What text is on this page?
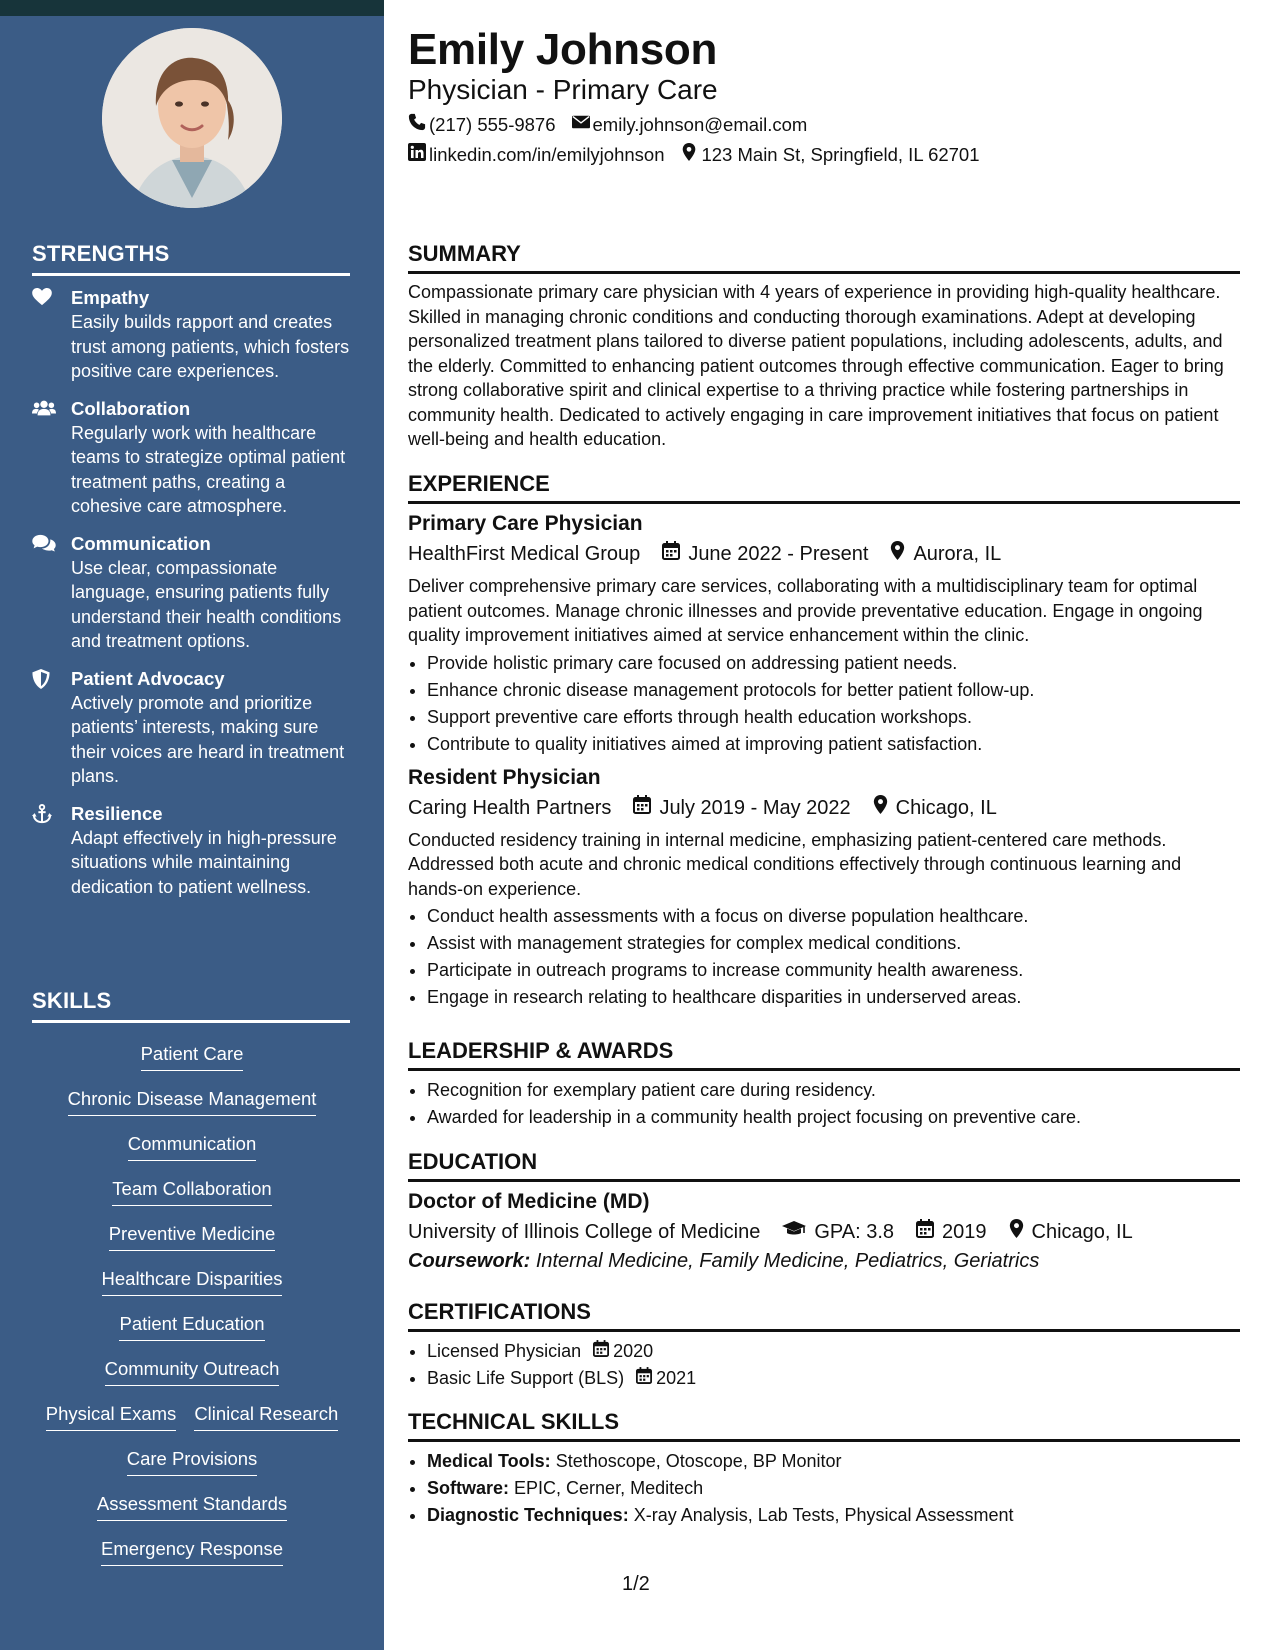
STRENGTHS
Empathy
Easily builds rapport and creates trust among patients, which fosters positive care experiences.
Collaboration
Regularly work with healthcare teams to strategize optimal patient treatment paths, creating a cohesive care atmosphere.
Communication
Use clear, compassionate language, ensuring patients fully understand their health conditions and treatment options.
Patient Advocacy
Actively promote and prioritize patients’ interests, making sure their voices are heard in treatment plans.
Resilience
Adapt effectively in high-pressure situations while maintaining dedication to patient wellness.
SKILLS
Patient Care
Chronic Disease Management
Communication
Team Collaboration
Preventive Medicine
Healthcare Disparities
Patient Education
Community Outreach
Physical Exams Clinical Research
Care Provisions
Assessment Standards
Emergency Response
Emily Johnson
Physician - Primary Care
(217) 555-9876 emily.johnson@email.com
linkedin.com/in/emilyjohnson 123 Main St, Springfield, IL 62701
SUMMARY
Compassionate primary care physician with 4 years of experience in providing high-quality healthcare. Skilled in managing chronic conditions and conducting thorough examinations. Adept at developing personalized treatment plans tailored to diverse patient populations, including adolescents, adults, and the elderly. Committed to enhancing patient outcomes through effective communication. Eager to bring strong collaborative spirit and clinical expertise to a thriving practice while fostering partnerships in community health. Dedicated to actively engaging in care improvement initiatives that focus on patient well-being and health education.
EXPERIENCE
Primary Care Physician
HealthFirst Medical Group June 2022 - Present Aurora, IL
Deliver comprehensive primary care services, collaborating with a multidisciplinary team for optimal patient outcomes. Manage chronic illnesses and provide preventative education. Engage in ongoing quality improvement initiatives aimed at service enhancement within the clinic.
• Provide holistic primary care focused on addressing patient needs.
• Enhance chronic disease management protocols for better patient follow-up.
• Support preventive care efforts through health education workshops.
• Contribute to quality initiatives aimed at improving patient satisfaction.
Resident Physician
Caring Health Partners July 2019 - May 2022 Chicago, IL
Conducted residency training in internal medicine, emphasizing patient-centered care methods. Addressed both acute and chronic medical conditions effectively through continuous learning and hands-on experience.
• Conduct health assessments with a focus on diverse population healthcare.
• Assist with management strategies for complex medical conditions.
• Participate in outreach programs to increase community health awareness.
• Engage in research relating to healthcare disparities in underserved areas.
LEADERSHIP & AWARDS
• Recognition for exemplary patient care during residency.
• Awarded for leadership in a community health project focusing on preventive care.
EDUCATION
Doctor of Medicine (MD)
University of Illinois College of Medicine	GPA: 3.8 2019 Chicago, IL
Coursework: Internal Medicine, Family Medicine, Pediatrics, Geriatrics
CERTIFICATIONS
• Licensed Physician 2020
• Basic Life Support (BLS) 2021
TECHNICAL SKILLS
• Medical Tools: Stethoscope, Otoscope, BP Monitor
• Software: EPIC, Cerner, Meditech
• Diagnostic Techniques: X-ray Analysis, Lab Tests, Physical Assessment
1/2
